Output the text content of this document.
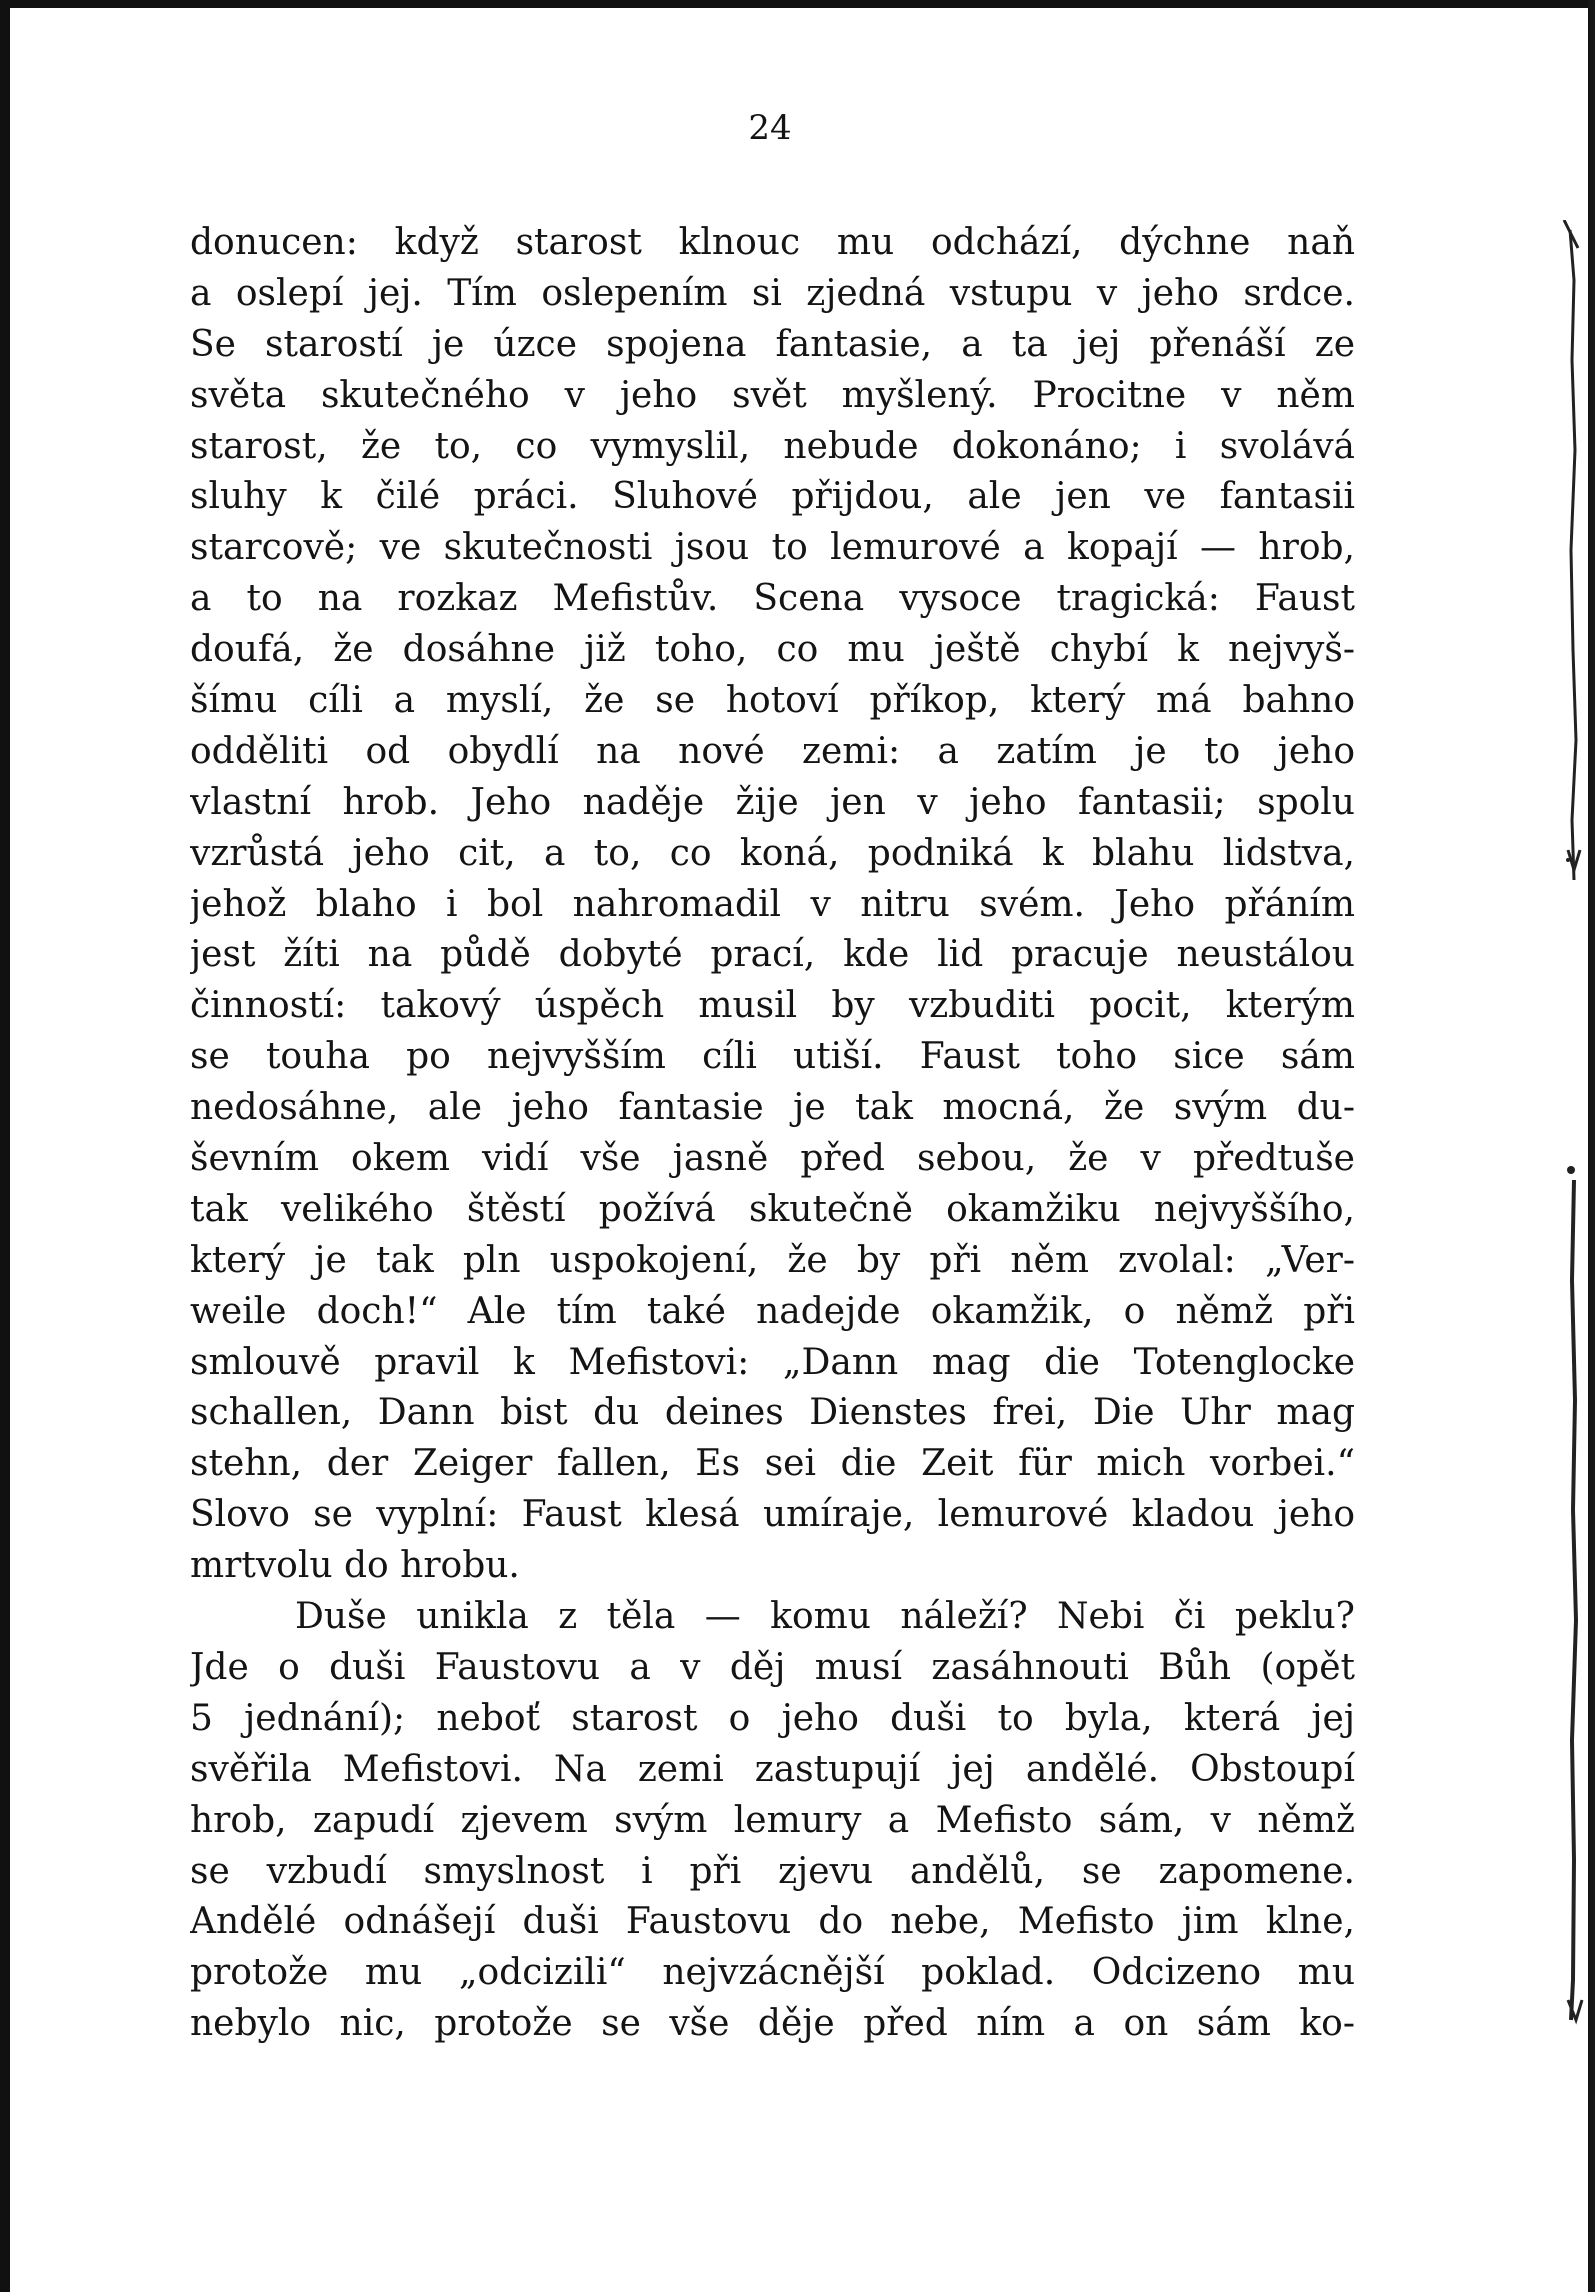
24
donucen: když starost klnouc mu odchází, dýchne naň
a oslepí jej. Tím oslepením si zjedná vstupu v jeho srdce.
Se starostí je úzce spojena fantasie, a ta jej přenáší ze
světa skutečného v jeho svět myšlený. Procitne v něm
starost, že to, co vymyslil, nebude dokonáno; i svolává
sluhy k čilé práci. Sluhové přijdou, ale jen ve fantasii
starcově; ve skutečnosti jsou to lemurové a kopají — hrob,
a to na rozkaz Mefistův. Scena vysoce tragická: Faust
doufá, že dosáhne již toho, co mu ještě chybí k nejvyš-
šímu cíli a myslí, že se hotoví příkop, který má bahno
odděliti od obydlí na nové zemi: a zatím je to jeho
vlastní hrob. Jeho naděje žije jen v jeho fantasii; spolu
vzrůstá jeho cit, a to, co koná, podniká k blahu lidstva,
jehož blaho i bol nahromadil v nitru svém. Jeho přáním
jest žíti na půdě dobyté prací, kde lid pracuje neustálou
činností: takový úspěch musil by vzbuditi pocit, kterým
se touha po nejvyšším cíli utiší. Faust toho sice sám
nedosáhne, ale jeho fantasie je tak mocná, že svým du-
ševním okem vidí vše jasně před sebou, že v předtuše
tak velikého štěstí požívá skutečně okamžiku nejvyššího,
který je tak pln uspokojení, že by při něm zvolal: „Ver-
weile doch!“ Ale tím také nadejde okamžik, o němž při
smlouvě pravil k Mefistovi: „Dann mag die Totenglocke
schallen, Dann bist du deines Dienstes frei, Die Uhr mag
stehn, der Zeiger fallen, Es sei die Zeit für mich vorbei.“
Slovo se vyplní: Faust klesá umíraje, lemurové kladou jeho
mrtvolu do hrobu.
Duše unikla z těla — komu náleží? Nebi či peklu?
Jde o duši Faustovu a v děj musí zasáhnouti Bůh (opět
5 jednání); neboť starost o jeho duši to byla, která jej
svěřila Mefistovi. Na zemi zastupují jej andělé. Obstoupí
hrob, zapudí zjevem svým lemury a Mefisto sám, v němž
se vzbudí smyslnost i při zjevu andělů, se zapomene.
Andělé odnášejí duši Faustovu do nebe, Mefisto jim klne,
protože mu „odcizili“ nejvzácnější poklad. Odcizeno mu
nebylo nic, protože se vše děje před ním a on sám ko-
